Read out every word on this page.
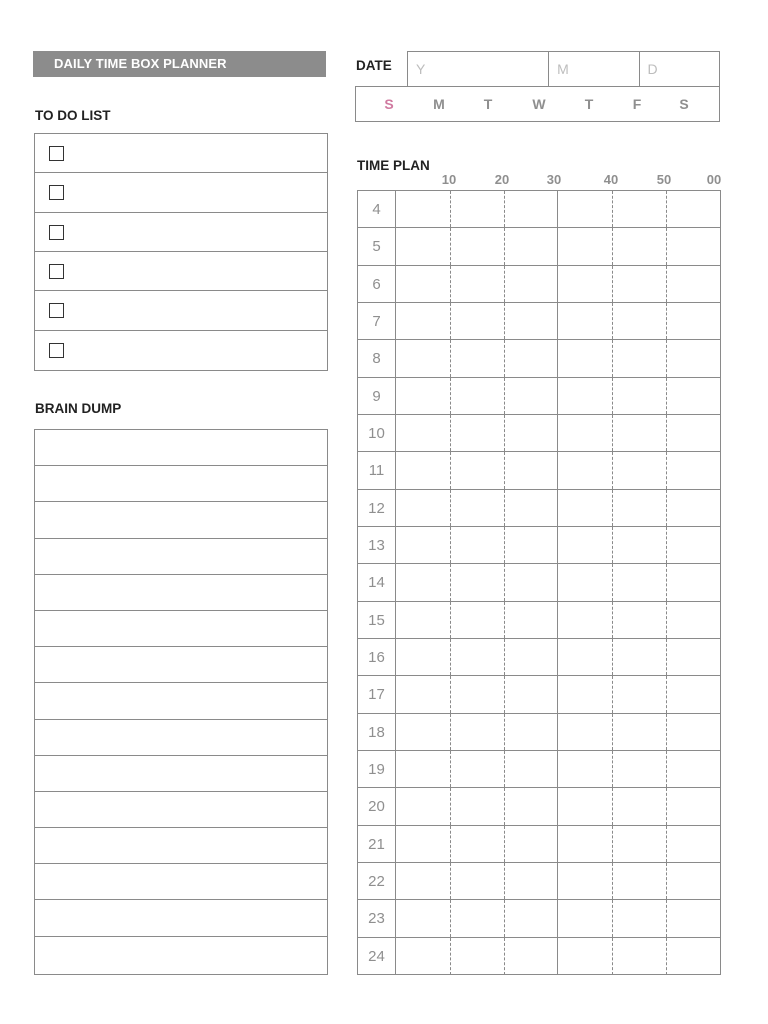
DAILY TIME BOX PLANNER
TO DO LIST
BRAIN DUMP
DATE	Y	M	D
S	M	T	W	T	F	S
TIME PLAN
10	20	30	40	50	00
4
5
6
7
8
9
10
11
12
13
14
15
16
17
18
19
20
21
22
23
24
